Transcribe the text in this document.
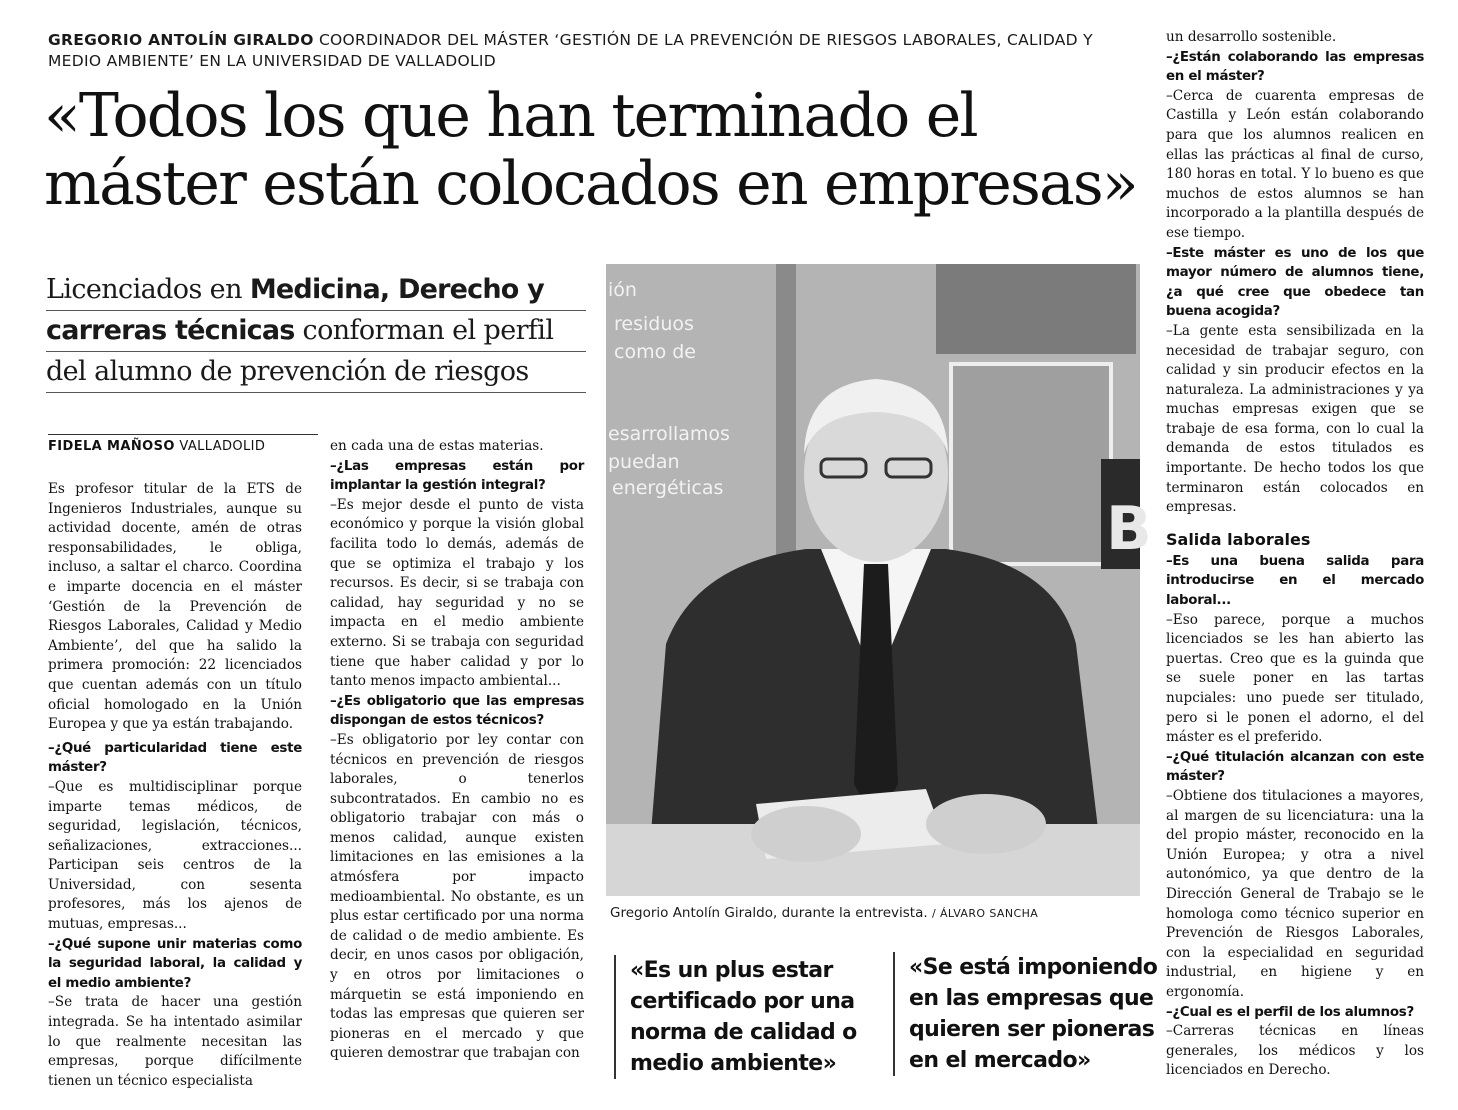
GREGORIO ANTOLÍN GIRALDO COORDINADOR DEL MÁSTER ‘GESTIÓN DE LA PREVENCIÓN DE RIESGOS LABORALES, CALIDAD Y MEDIO AMBIENTE’ EN LA UNIVERSIDAD DE VALLADOLID
«Todos los que han terminado el
máster están colocados en empresas»
Licenciados en Medicina, Derecho y
carreras técnicas conforman el perfil
del alumno de prevención de riesgos
FIDELA MAÑOSO VALLADOLID

Es profesor titular de la ETS de Ingenieros Industriales, aunque su actividad docente, amén de otras responsabilidades, le obliga, incluso, a saltar el charco. Coordina e imparte docencia en el máster ‘Gestión de la Prevención de Riesgos Laborales, Calidad y Medio Ambiente’, del que ha salido la primera promoción: 22 licenciados que cuentan además con un título oficial homologado en la Unión Europea y que ya están trabajando.

–¿Qué particularidad tiene este máster?

–Que es multidisciplinar porque imparte temas médicos, de seguridad, legislación, técnicos, señalizaciones, extracciones... Participan seis centros de la Universidad, con sesenta profesores, más los ajenos de mutuas, empresas...

–¿Qué supone unir materias como la seguridad laboral, la calidad y el medio ambiente?

–Se trata de hacer una gestión integrada. Se ha intentado asimilar lo que realmente necesitan las empresas, porque difícilmente tienen un técnico especialista

en cada una de estas materias.

–¿Las empresas están por implantar la gestión integral?

–Es mejor desde el punto de vista económico y porque la visión global facilita todo lo demás, además de que se optimiza el trabajo y los recursos. Es decir, si se trabaja con calidad, hay seguridad y no se impacta en el medio ambiente externo. Si se trabaja con seguridad tiene que haber calidad y por lo tanto menos impacto ambiental...

–¿Es obligatorio que las empresas dispongan de estos técnicos?

–Es obligatorio por ley contar con técnicos en prevención de riesgos laborales, o tenerlos subcontratados. En cambio no es obligatorio trabajar con más o menos calidad, aunque existen limitaciones en las emisiones a la atmósfera por impacto medioambiental. No obstante, es un plus estar certificado por una norma de calidad o de medio ambiente. Es decir, en unos casos por obligación, y en otros por limitaciones o márquetin se está imponiendo en todas las empresas que quieren ser pioneras en el mercado y que quieren demostrar que trabajan con

B
ión
residuos
como de
esarrollamos
puedan
energéticas
Gregorio Antolín Giraldo, durante la entrevista. / ÁLVARO SANCHA
«Es un plus estar certificado por una norma de calidad o medio ambiente»
«Se está imponiendo en las empresas que quieren ser pioneras en el mercado»

un desarrollo sostenible.

–¿Están colaborando las empresas en el máster?

–Cerca de cuarenta empresas de Castilla y León están colaborando para que los alumnos realicen en ellas las prácticas al final de curso, 180 horas en total. Y lo bueno es que muchos de estos alumnos se han incorporado a la plantilla después de ese tiempo.

–Este máster es uno de los que mayor número de alumnos tiene, ¿a qué cree que obedece tan buena acogida?

–La gente esta sensibilizada en la necesidad de trabajar seguro, con calidad y sin producir efectos en la naturaleza. La administraciones y ya muchas empresas exigen que se trabaje de esa forma, con lo cual la demanda de estos titulados es importante. De hecho todos los que terminaron están colocados en empresas.

Salida laborales

–Es una buena salida para introducirse en el mercado laboral...

–Eso parece, porque a muchos licenciados se les han abierto las puertas. Creo que es la guinda que se suele poner en las tartas nupciales: uno puede ser titulado, pero si le ponen el adorno, el del máster es el preferido.

–¿Qué titulación alcanzan con este máster?

–Obtiene dos titulaciones a mayores, al margen de su licenciatura: una la del propio máster, reconocido en la Unión Europea; y otra a nivel autonómico, ya que dentro de la Dirección General de Trabajo se le homologa como técnico superior en Prevención de Riesgos Laborales, con la especialidad en seguridad industrial, en higiene y en ergonomía.

–¿Cual es el perfil de los alumnos?

–Carreras técnicas en líneas generales, los médicos y los licenciados en Derecho.
